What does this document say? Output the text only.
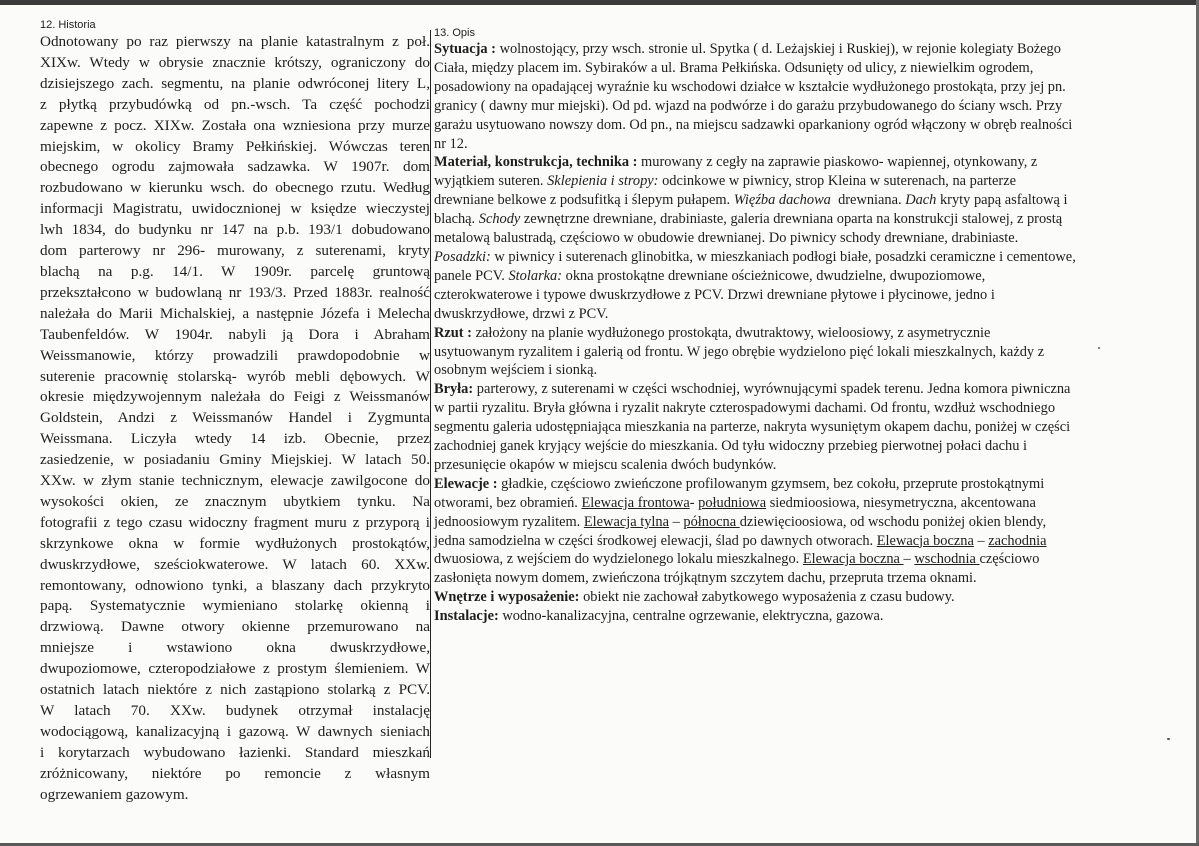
12. Historia
Odnotowany po raz pierwszy na planie katastralnym z poł.
XIXw. Wtedy w obrysie znacznie krótszy, ograniczony do
dzisiejszego zach. segmentu, na planie odwróconej litery L,
z płytką przybudówką od pn.-wsch. Ta część pochodzi
zapewne z pocz. XIXw. Została ona wzniesiona przy murze
miejskim, w okolicy Bramy Pełkińskiej. Wówczas teren
obecnego ogrodu zajmowała sadzawka. W 1907r. dom
rozbudowano w kierunku wsch. do obecnego rzutu. Według
informacji Magistratu, uwidocznionej w księdze wieczystej
lwh 1834, do budynku nr 147 na p.b. 193/1 dobudowano
dom parterowy nr 296- murowany, z suterenami, kryty
blachą na p.g. 14/1. W 1909r. parcelę gruntową
przekształcono w budowlaną nr 193/3. Przed 1883r. realność
należała do Marii Michalskiej, a następnie Józefa i Melecha
Taubenfeldów. W 1904r. nabyli ją Dora i Abraham
Weissmanowie, którzy prowadzili prawdopodobnie w
suterenie pracownię stolarską- wyrób mebli dębowych. W
okresie międzywojennym należała do Feigi z Weissmanów
Goldstein, Andzi z Weissmanów Handel i Zygmunta
Weissmana. Liczyła wtedy 14 izb. Obecnie, przez
zasiedzenie, w posiadaniu Gminy Miejskiej. W latach 50.
XXw. w złym stanie technicznym, elewacje zawilgocone do
wysokości okien, ze znacznym ubytkiem tynku. Na
fotografii z tego czasu widoczny fragment muru z przyporą i
skrzynkowe okna w formie wydłużonych prostokątów,
dwuskrzydłowe, sześciokwaterowe. W latach 60. XXw.
remontowany, odnowiono tynki, a blaszany dach przykryto
papą. Systematycznie wymieniano stolarkę okienną i
drzwiową. Dawne otwory okienne przemurowano na
mniejsze i wstawiono okna dwuskrzydłowe,
dwupoziomowe, czteropodziałowe z prostym ślemieniem. W
ostatnich latach niektóre z nich zastąpiono stolarką z PCV.
W latach 70. XXw. budynek otrzymał instalację
wodociągową, kanalizacyjną i gazową. W dawnych sieniach
i korytarzach wybudowano łazienki. Standard mieszkań
zróżnicowany, niektóre po remoncie z własnym
ogrzewaniem gazowym.
13. Opis
Sytuacja : wolnostojący, przy wsch. stronie ul. Spytka ( d. Leżajskiej i Ruskiej), w rejonie kolegiaty Bożego
Ciała, między placem im. Sybiraków a ul. Brama Pełkińska. Odsunięty od ulicy, z niewielkim ogrodem,
posadowiony na opadającej wyraźnie ku wschodowi działce w kształcie wydłużonego prostokąta, przy jej pn.
granicy ( dawny mur miejski). Od pd. wjazd na podwórze i do garażu przybudowanego do ściany wsch. Przy
garażu usytuowano nowszy dom. Od pn., na miejscu sadzawki oparkaniony ogród włączony w obręb realności
nr 12.
Materiał, konstrukcja, technika : murowany z cegły na zaprawie piaskowo- wapiennej, otynkowany, z
wyjątkiem suteren. Sklepienia i stropy: odcinkowe w piwnicy, strop Kleina w suterenach, na parterze
drewniane belkowe z podsufitką i ślepym pułapem. Więźba dachowa  drewniana. Dach kryty papą asfaltową i
blachą. Schody zewnętrzne drewniane, drabiniaste, galeria drewniana oparta na konstrukcji stalowej, z prostą
metalową balustradą, częściowo w obudowie drewnianej. Do piwnicy schody drewniane, drabiniaste.
Posadzki: w piwnicy i suterenach glinobitka, w mieszkaniach podłogi białe, posadzki ceramiczne i cementowe,
panele PCV. Stolarka: okna prostokątne drewniane ościeżnicowe, dwudzielne, dwupoziomowe,
czterokwaterowe i typowe dwuskrzydłowe z PCV. Drzwi drewniane płytowe i płycinowe, jedno i
dwuskrzydłowe, drzwi z PCV.
Rzut : założony na planie wydłużonego prostokąta, dwutraktowy, wieloosiowy, z asymetrycznie
usytuowanym ryzalitem i galerią od frontu. W jego obrębie wydzielono pięć lokali mieszkalnych, każdy z
osobnym wejściem i sionką.
Bryła: parterowy, z suterenami w części wschodniej, wyrównującymi spadek terenu. Jedna komora piwniczna
w partii ryzalitu. Bryła główna i ryzalit nakryte czterospadowymi dachami. Od frontu, wzdłuż wschodniego
segmentu galeria udostępniająca mieszkania na parterze, nakryta wysuniętym okapem dachu, poniżej w części
zachodniej ganek kryjący wejście do mieszkania. Od tyłu widoczny przebieg pierwotnej połaci dachu i
przesunięcie okapów w miejscu scalenia dwóch budynków.
Elewacje : gładkie, częściowo zwieńczone profilowanym gzymsem, bez cokołu, przeprute prostokątnymi
otworami, bez obramień. Elewacja frontowa- południowa siedmioosiowa, niesymetryczna, akcentowana
jednoosiowym ryzalitem. Elewacja tylna – północna dziewięcioosiowa, od wschodu poniżej okien blendy,
jedna samodzielna w części środkowej elewacji, ślad po dawnych otworach. Elewacja boczna – zachodnia
dwuosiowa, z wejściem do wydzielonego lokalu mieszkalnego. Elewacja boczna – wschodnia częściowo
zasłonięta nowym domem, zwieńczona trójkątnym szczytem dachu, przepruta trzema oknami.
Wnętrze i wyposażenie: obiekt nie zachował zabytkowego wyposażenia z czasu budowy.
Instalacje: wodno-kanalizacyjna, centralne ogrzewanie, elektryczna, gazowa.
